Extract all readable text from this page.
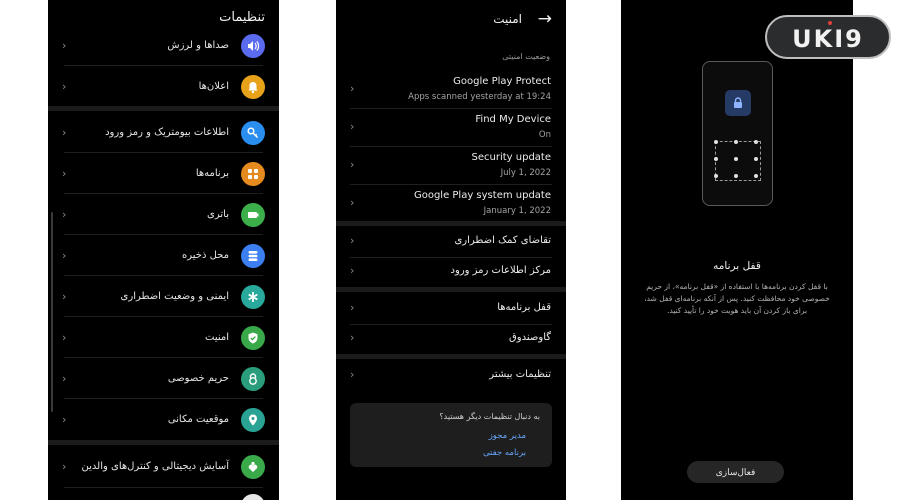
تنظیمات
صداها و لرزش
‹
اعلان‌ها
‹
اطلاعات بیومتریک و رمز ورود
‹
برنامه‌ها
‹
باتری
‹
محل ذخیره
‹
ایمنی و وضعیت اضطراری
‹
امنیت
‹
حریم خصوصی
‹
موقعیت مکانی
‹
آسایش دیجیتالی و کنترل‌های والدین
‹
امنیت →
وضعیت امنیتی
Google Play Protect
Apps scanned yesterday at 19:24
‹
Find My Device
On
‹
Security update
July 1, 2022
‹
Google Play system update
January 1, 2022
‹
تقاضای کمک اضطراری
‹
مرکز اطلاعات رمز ورود
‹
قفل برنامه‌ها
‹
گاوصندوق
‹
تنظیمات بیشتر
‹
به دنبال تنظیمات دیگر هستید؟
مدیر مجوز
برنامه جفتی
قفل برنامه
با قفل کردن برنامه‌ها با استفاده از «قفل برنامه»، از حریم خصوصی خود محافظت کنید. پس از آنکه برنامه‌ای قفل شد، برای باز کردن آن باید هویت خود را تأیید کنید.
فعال‌سازی
UKI9
